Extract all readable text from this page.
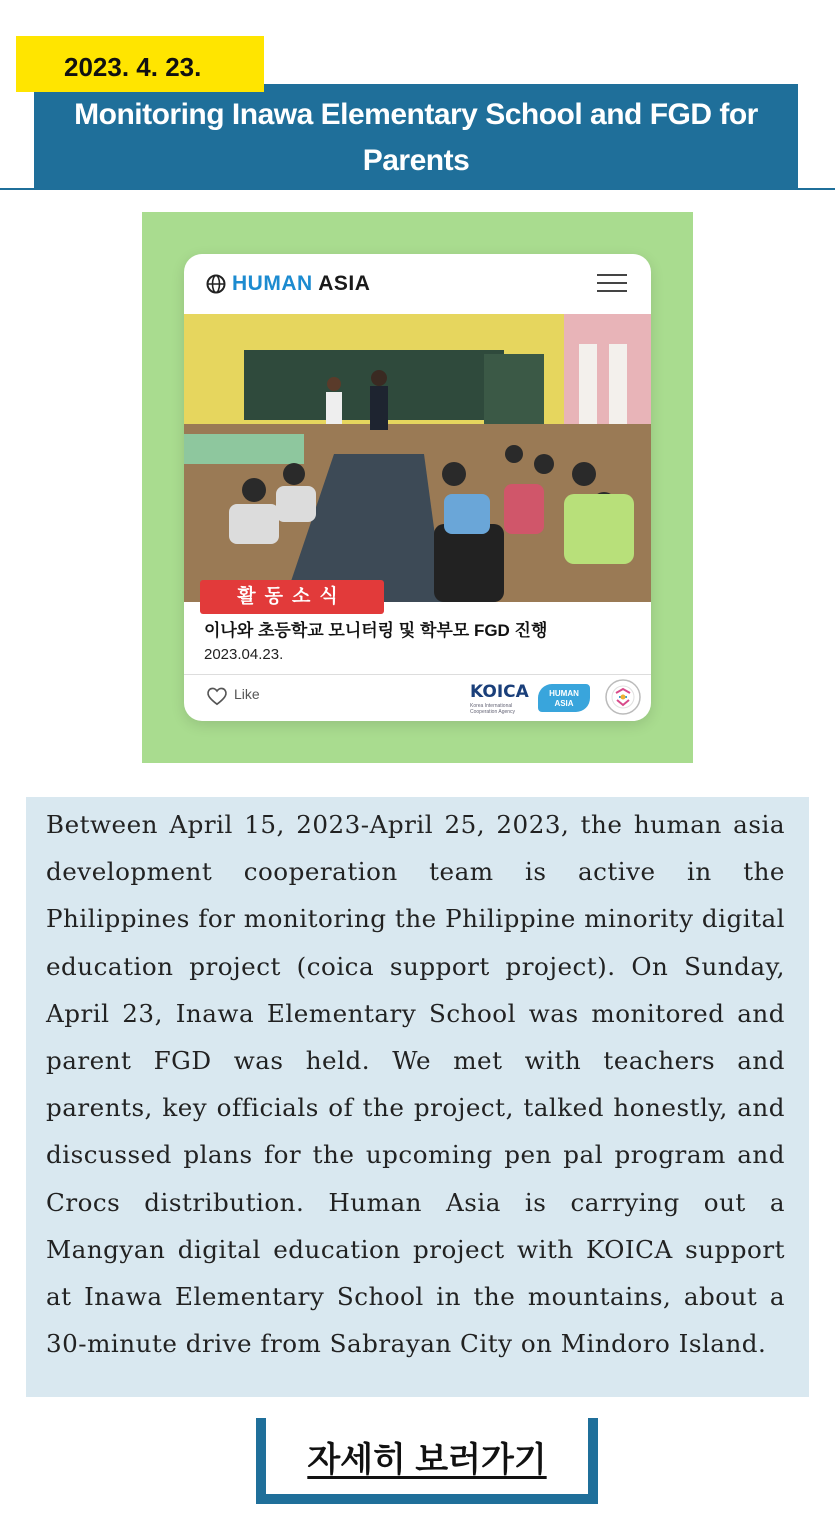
Monitoring Inawa Elementary School and FGD for Parents
2023. 4. 23.
HUMAN ASIA
활동소식
이나와 초등학교 모니터링 및 학부모 FGD 진행
2023.04.23.
Like	KOICA
Korea International Cooperation Agency
HUMAN
ASIA

Between April 15, 2023-April 25, 2023, the human asia development cooperation team is active in the Philippines for monitoring the Philippine minority digital education project (coica support project). On Sunday, April 23, Inawa Elementary School was monitored and parent FGD was held. We met with teachers and parents, key officials of the project, talked honestly, and discussed plans for the upcoming pen pal program and Crocs distribution. Human Asia is carrying out a Mangyan digital education project with KOICA support at Inawa Elementary School in the mountains, about a 30-minute drive from Sabrayan City on Mindoro Island.

자세히 보러가기
